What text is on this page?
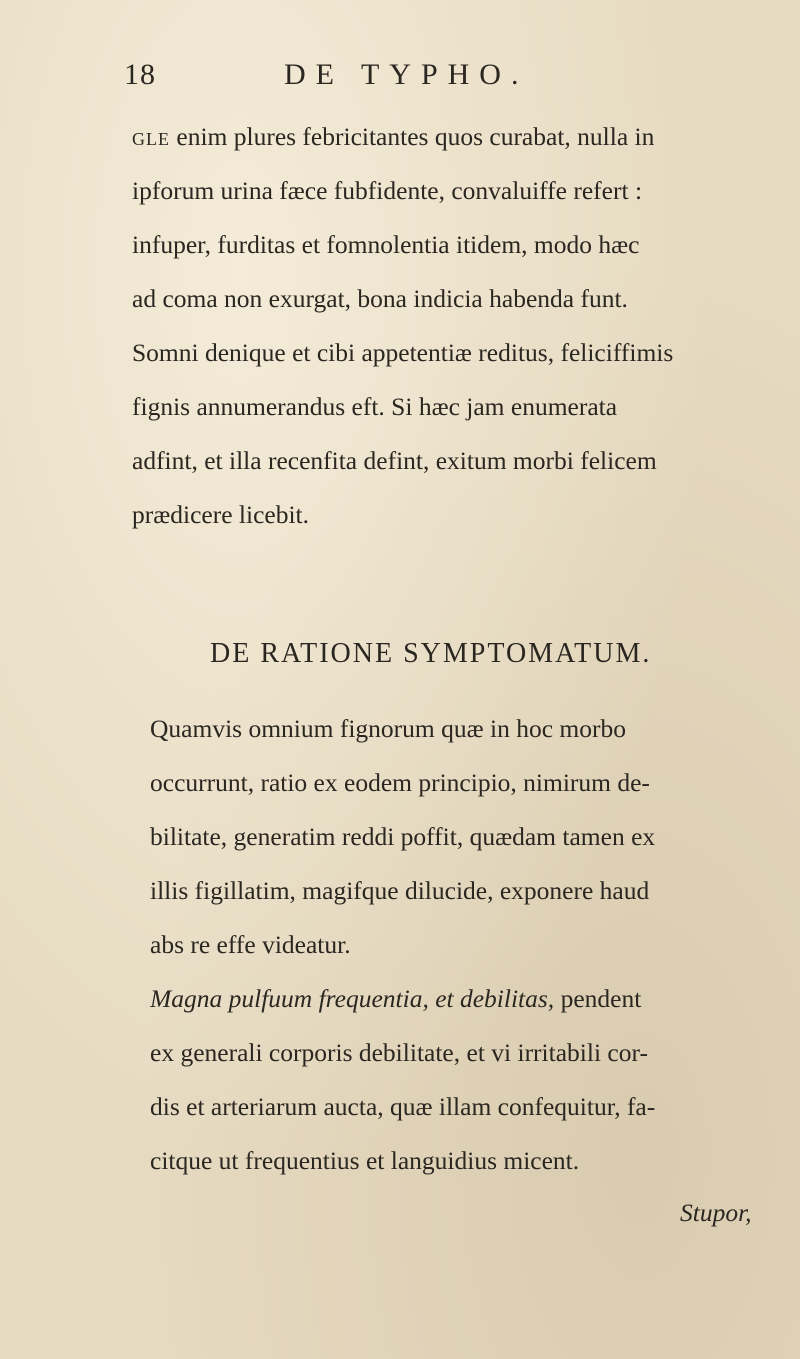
18	DE TYPHO.
gle enim plures febricitantes quos curabat, nulla in
ipforum urina fæce fubfidente, convaluiffe refert :
infuper, furditas et fomnolentia itidem, modo hæc
ad coma non exurgat, bona indicia habenda funt.
Somni denique et cibi appetentiæ reditus, feliciffimis
fignis annumerandus eft. Si hæc jam enumerata
adfint, et illa recenfita defint, exitum morbi felicem
prædicere licebit.
DE RATIONE SYMPTOMATUM.
Quamvis omnium fignorum quæ in hoc morbo
occurrunt, ratio ex eodem principio, nimirum de-
bilitate, generatim reddi poffit, quædam tamen ex
illis figillatim, magifque dilucide, exponere haud
abs re effe videatur.
Magna pulfuum frequentia, et debilitas, pendent
ex generali corporis debilitate, et vi irritabili cor-
dis et arteriarum aucta, quæ illam confequitur, fa-
citque ut frequentius et languidius micent.
Stupor,
